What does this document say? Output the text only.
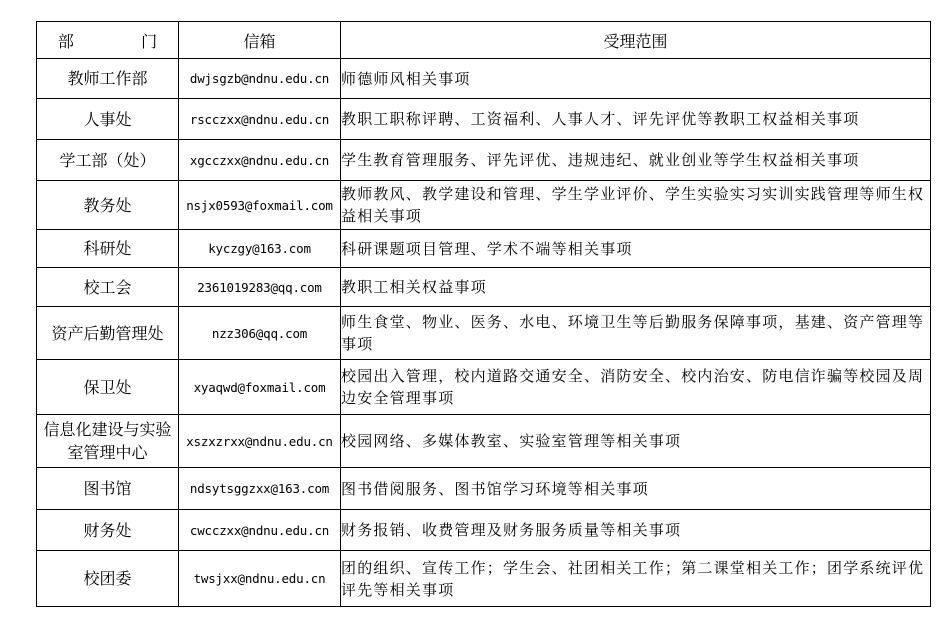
部　门	信箱	受理范围
教师工作部	dwjsgzb@ndnu.edu.cn	师德师风相关事项
人事处	rscczxx@ndnu.edu.cn	教职工职称评聘、工资福利、人事人才、评先评优等教职工权益相关事项
学工部（处）	xgcczxx@ndnu.edu.cn	学生教育管理服务、评先评优、违规违纪、就业创业等学生权益相关事项
教务处	nsjx0593@foxmail.com	教师教风、教学建设和管理、学生学业评价、学生实验实习实训实践管理等师生权益相关事项
科研处	kyczgy@163.com	科研课题项目管理、学术不端等相关事项
校工会	2361019283@qq.com	教职工相关权益事项
资产后勤管理处	nzz306@qq.com	师生食堂、物业、医务、水电、环境卫生等后勤服务保障事项，基建、资产管理等事项
保卫处	xyaqwd@foxmail.com	校园出入管理，校内道路交通安全、消防安全、校内治安、防电信诈骗等校园及周边安全管理事项
信息化建设与实验室管理中心	xszxzrxx@ndnu.edu.cn	校园网络、多媒体教室、实验室管理等相关事项
图书馆	ndsytsggzxx@163.com	图书借阅服务、图书馆学习环境等相关事项
财务处	cwcczxx@ndnu.edu.cn	财务报销、收费管理及财务服务质量等相关事项
校团委	twsjxx@ndnu.edu.cn	团的组织、宣传工作；学生会、社团相关工作；第二课堂相关工作；团学系统评优评先等相关事项
